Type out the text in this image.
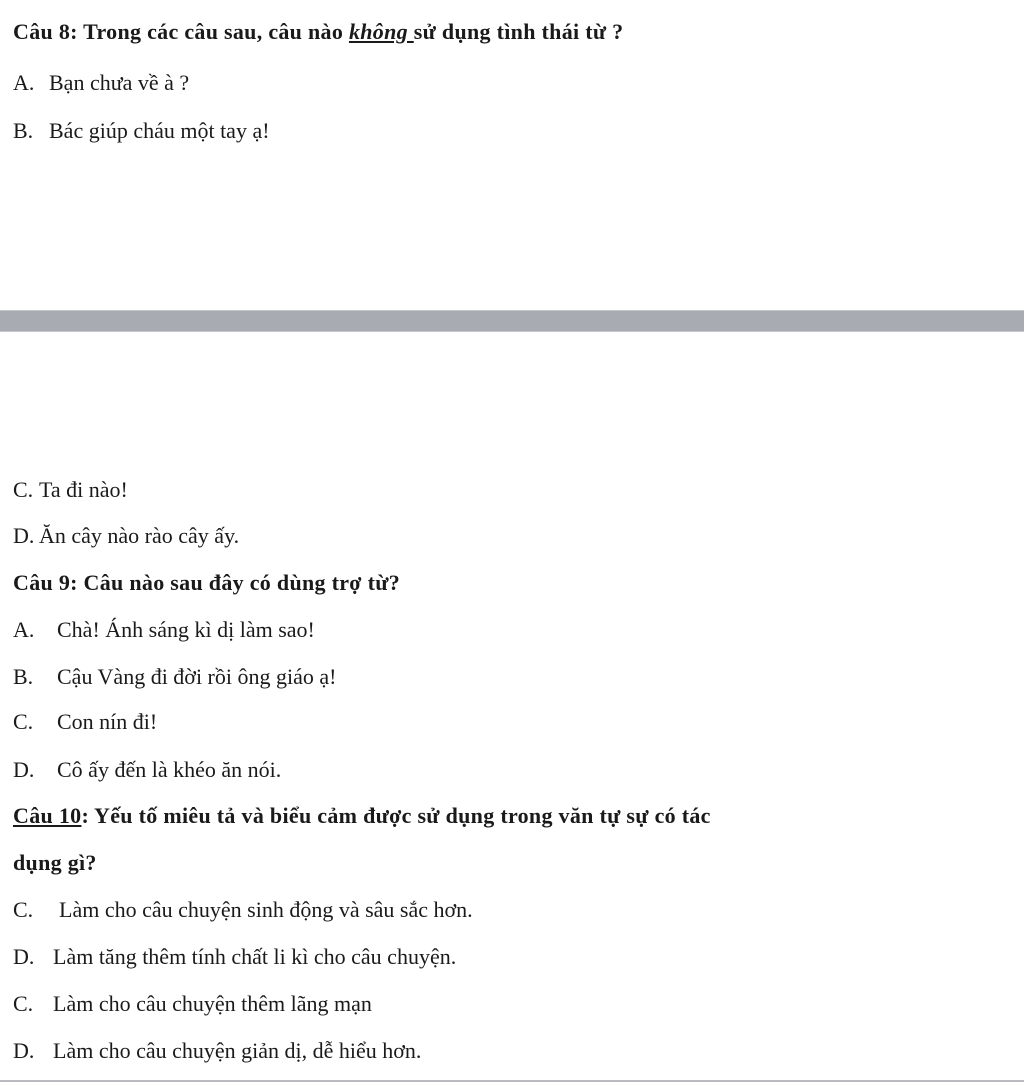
Câu 8: Trong các câu sau, câu nào không sử dụng tình thái từ ?
A. Bạn chưa về à ?
B. Bác giúp cháu một tay ạ!
C. Ta đi nào!
D. Ăn cây nào rào cây ấy.
Câu 9: Câu nào sau đây có dùng trợ từ?
A. Chà! Ánh sáng kì dị làm sao!
B. Cậu Vàng đi đời rồi ông giáo ạ!
C. Con nín đi!
D. Cô ấy đến là khéo ăn nói.
Câu 10: Yếu tố miêu tả và biểu cảm được sử dụng trong văn tự sự có tác
dụng gì?
C. Làm cho câu chuyện sinh động và sâu sắc hơn.
D. Làm tăng thêm tính chất li kì cho câu chuyện.
C. Làm cho câu chuyện thêm lãng mạn
D. Làm cho câu chuyện giản dị, dễ hiểu hơn.
